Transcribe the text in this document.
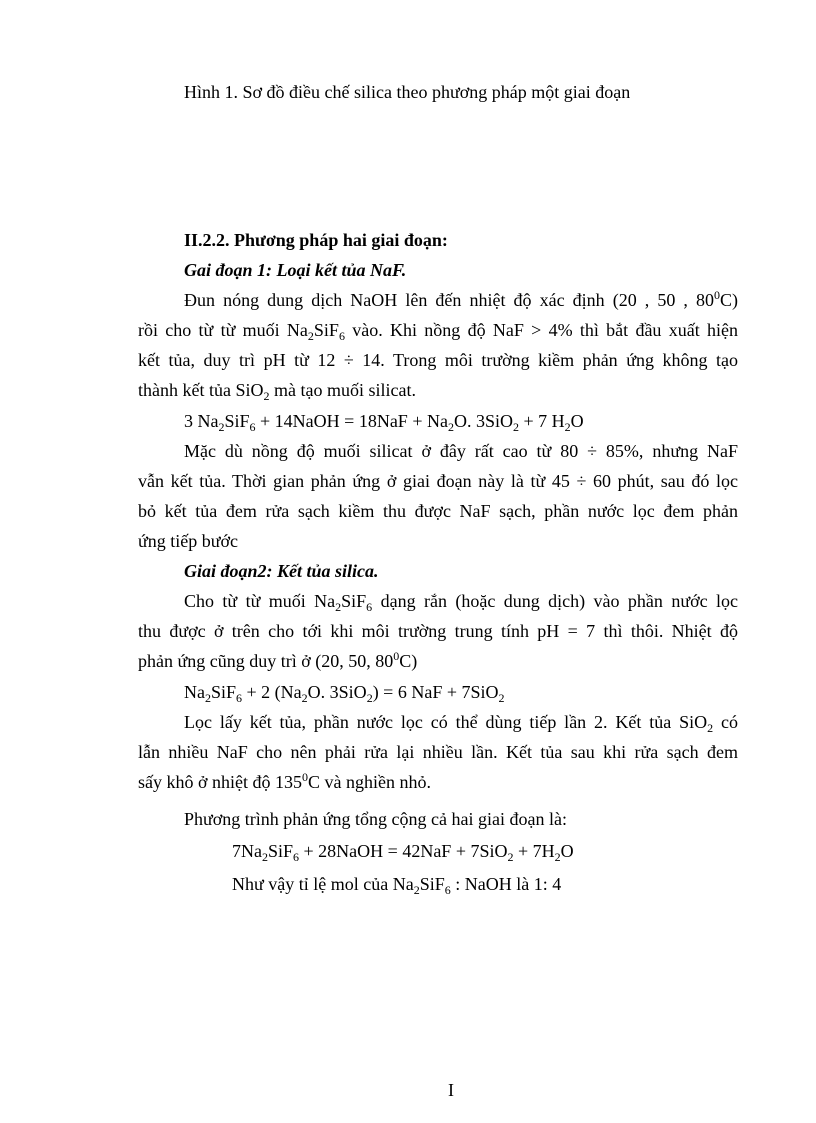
Hình 1. Sơ đồ điều chế silica theo phương pháp một giai đoạn
II.2.2. Phương pháp hai giai đoạn:
Gai đoạn 1: Loại kết tủa NaF.
Đun nóng dung dịch NaOH lên đến nhiệt độ xác định (20 , 50 , $80^0C$)
rồi cho từ từ muối $Na_2SiF_6$ vào. Khi nồng độ NaF > 4% thì bắt đầu xuất hiện
kết tủa, duy trì pH từ 12 ÷ 14. Trong môi trường kiềm phản ứng không tạo
thành kết tủa SiO$_2$ mà tạo muối silicat.
3 $Na_2SiF_6$ + 14NaOH = $18NaF + Na_2O$. 3SiO$_2$ + 7 $H_2O$
Mặc dù nồng độ muối silicat ở đây rất cao từ 80 ÷ 85%, nhưng NaF
vẫn kết tủa. Thời gian phản ứng ở giai đoạn này là từ 45 ÷ 60 phút, sau đó lọc
bỏ kết tủa đem rửa sạch kiềm thu được NaF sạch, phần nước lọc đem phản
ứng tiếp bước
Giai đoạn2: Kết tủa silica.
Cho từ từ muối $Na_2SiF_6$ dạng rắn (hoặc dung dịch) vào phần nước lọc
thu được ở trên cho tới khi môi trường trung tính pH = 7 thì thôi. Nhiệt độ
phản ứng cũng duy trì ở (20, 50, $80^0C$)
$Na_2SiF_6 + 2$ ($Na_2O$. 3SiO$_2$) = 6 NaF + 7SiO$_2$
Lọc lấy kết tủa, phần nước lọc có thể dùng tiếp lần 2. Kết tủa SiO$_2$ có
lẫn nhiều NaF cho nên phải rửa lại nhiều lần. Kết tủa sau khi rửa sạch đem
sấy khô ở nhiệt độ $135^0C$ và nghiền nhỏ.
Phương trình phản ứng tổng cộng cả hai giai đoạn là:
$7Na_2SiF_6$ + 28NaOH = $42NaF + 7SiO_2 + 7H_2O$
Như vậy tỉ lệ mol của $Na_2SiF_6$ : NaOH là 1: 4
I
